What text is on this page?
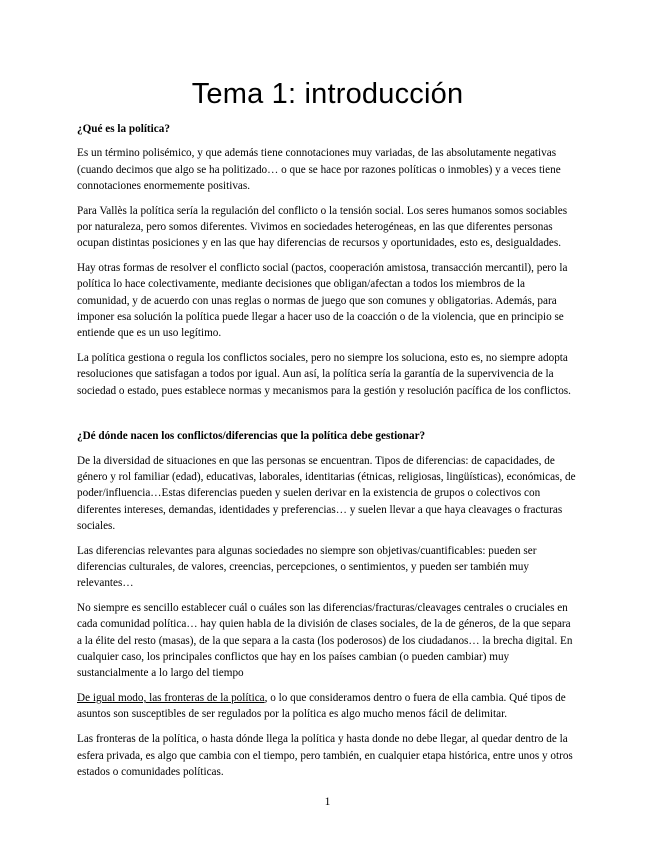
Tema 1: introducción
¿Qué es la política?

Es un término polisémico, y que además tiene connotaciones muy variadas, de las absolutamente negativas (cuando decimos que algo se ha politizado… o que se hace por razones políticas o inmobles) y a veces tiene connotaciones enormemente positivas.

Para Vallès la política sería la regulación del conflicto o la tensión social. Los seres humanos somos sociables por naturaleza, pero somos diferentes. Vivimos en sociedades heterogéneas, en las que diferentes personas ocupan distintas posiciones y en las que hay diferencias de recursos y oportunidades, esto es, desigualdades.

Hay otras formas de resolver el conflicto social (pactos, cooperación amistosa, transacción mercantil), pero la política lo hace colectivamente, mediante decisiones que obligan/afectan a todos los miembros de la comunidad, y de acuerdo con unas reglas o normas de juego que son comunes y obligatorias. Además, para imponer esa solución la política puede llegar a hacer uso de la coacción o de la violencia, que en principio se entiende que es un uso legítimo.

La política gestiona o regula los conflictos sociales, pero no siempre los soluciona, esto es, no siempre adopta resoluciones que satisfagan a todos por igual. Aun así, la política sería la garantía de la supervivencia de la sociedad o estado, pues establece normas y mecanismos para la gestión y resolución pacífica de los conflictos.

¿Dé dónde nacen los conflictos/diferencias que la política debe gestionar?

De la diversidad de situaciones en que las personas se encuentran. Tipos de diferencias: de capacidades, de género y rol familiar (edad), educativas, laborales, identitarias (étnicas, religiosas, lingüísticas), económicas, de poder/influencia…Estas diferencias pueden y suelen derivar en la existencia de grupos o colectivos con diferentes intereses, demandas, identidades y preferencias… y suelen llevar a que haya cleavages o fracturas sociales.

Las diferencias relevantes para algunas sociedades no siempre son objetivas/cuantificables: pueden ser diferencias culturales, de valores, creencias, percepciones, o sentimientos, y pueden ser también muy relevantes…

No siempre es sencillo establecer cuál o cuáles son las diferencias/fracturas/cleavages centrales o cruciales en cada comunidad política… hay quien habla de la división de clases sociales, de la de géneros, de la que separa a la élite del resto (masas), de la que separa a la casta (los poderosos) de los ciudadanos… la brecha digital. En cualquier caso, los principales conflictos que hay en los países cambian (o pueden cambiar) muy sustancialmente a lo largo del tiempo

De igual modo, las fronteras de la política, o lo que consideramos dentro o fuera de ella cambia. Qué tipos de asuntos son susceptibles de ser regulados por la política es algo mucho menos fácil de delimitar.

Las fronteras de la política, o hasta dónde llega la política y hasta donde no debe llegar, al quedar dentro de la esfera privada, es algo que cambia con el tiempo, pero también, en cualquier etapa histórica, entre unos y otros estados o comunidades políticas.

1
